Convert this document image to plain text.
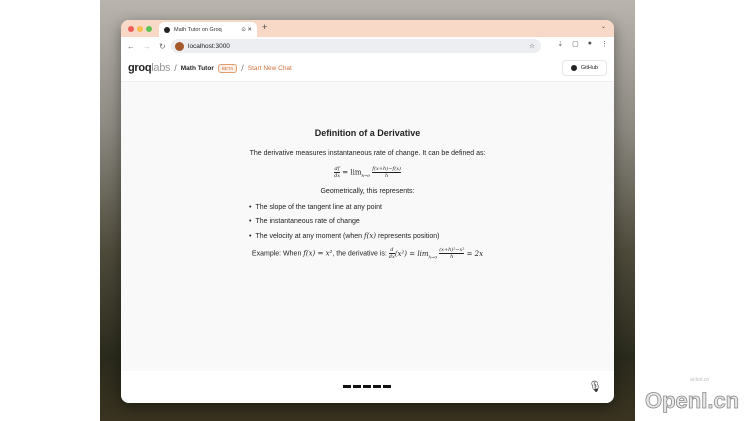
Math Tutor on Groq	⊙ ✕ +	⌄
← → ↻	localhost:3000	☆	⇣ ▢ ● ⋮
groqlabs / Math Tutor	BETA / Start New Chat	GitHub
Definition of a Derivative

The derivative measures instantaneous rate of change. It can be defined as:

$\frac{df}{dx} = \lim_{h\to 0} \frac{f(x+h)-f(x)}{h}$

Geometrically, this represents:

• The slope of the tangent line at any point
• The instantaneous rate of change
• The velocity at any moment (when f(x) represents position)

Example: When f(x) = x², the derivative is: $\frac{d}{dx} (x^2) = \lim_{h\to 0} \frac{\text{(x+h)²−x²}}{h} = 2x$

🎙
ai-bot.cn
OpenI.cn
